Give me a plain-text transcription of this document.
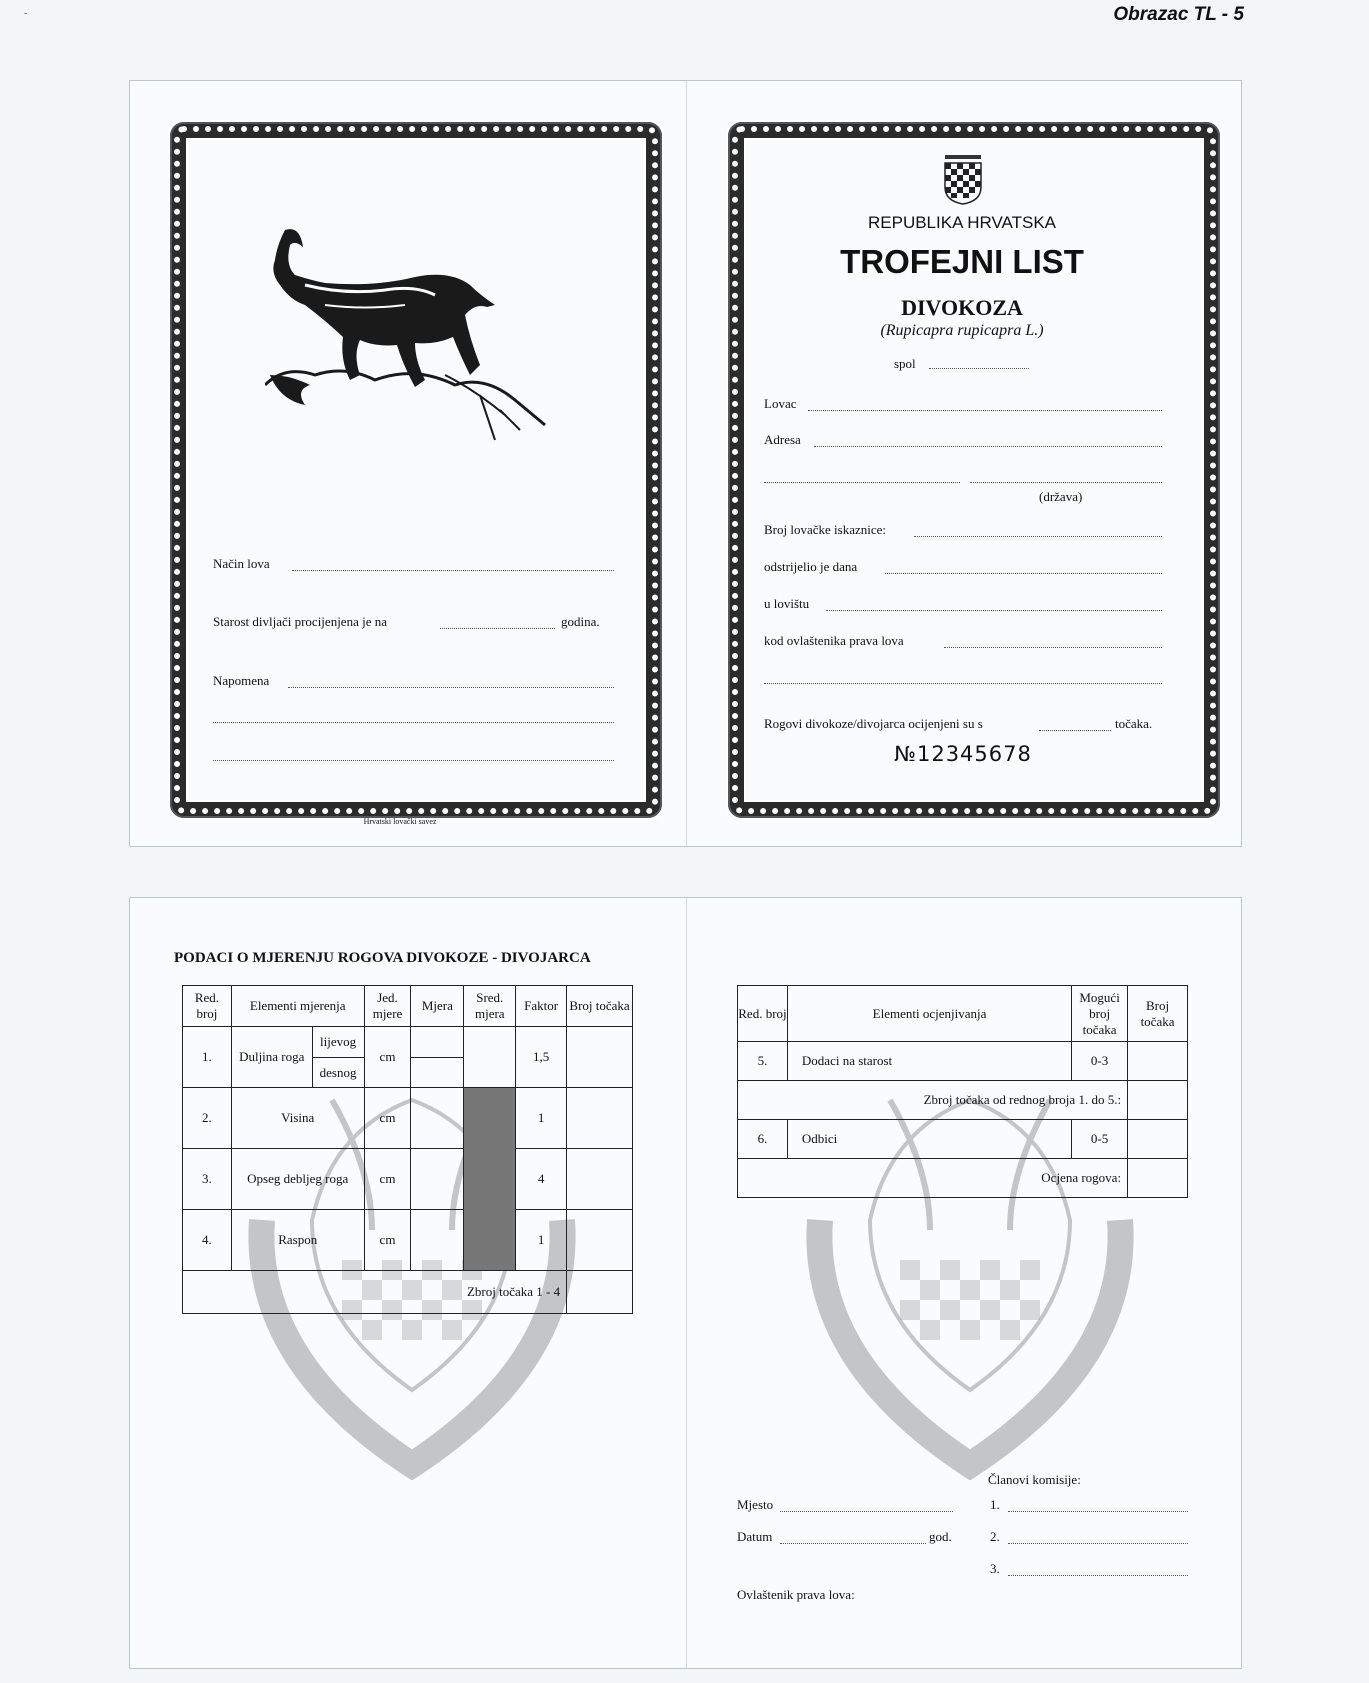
-	Obrazac TL - 5
Način lova
Starost divljači procijenjena je na	godina.
Napomena
Hrvatski lovački savez
REPUBLIKA HRVATSKA
TROFEJNI LIST
DIVOKOZA
(Rupicapra rupicapra L.)
spol
Lovac
Adresa
(država)
Broj lovačke iskaznice:
odstrijelio je dana
u lovištu
kod ovlaštenika prava lova
Rogovi divokoze/divojarca ocijenjeni su s	točaka.
№12345678
PODACI O MJERENJU ROGOVA DIVOKOZE - DIVOJARCA
Red. broj	Elementi mjerenja		Jed. mjere	Mjera	Sred. mjera	Faktor	Broj točaka
1.	Duljina roga	lijevog	cm			1,5	
		desnog					
2.	Visina		cm			1	
3.	Opseg debljeg roga		cm			4	
4.	Raspon		cm			1	
Zbroj točaka 1 - 4							
Red. broj	Elementi ocjenjivanja	Mogući broj točaka	Broj točaka
5.	Dodaci na starost	0-3	
Zbroj točaka od rednog broja 1. do 5.:			
6.	Odbici	0-5	
Ocjena rogova:			
Članovi komisije:
Mjesto	1.
Datum	god.	2.
3.
Ovlaštenik prava lova:
